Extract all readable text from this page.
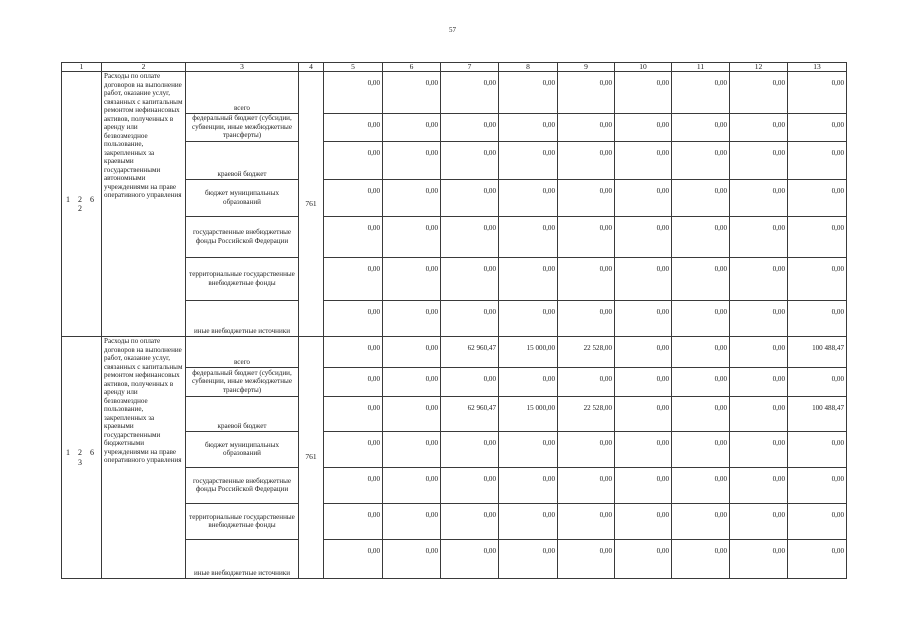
57
1	2	3	4	5	6	7	8	9	10	11	12	13
1 2 6 2	Расходы по оплате договоров на выполнение работ, оказание услуг, связанных с капитальным ремонтом нефинансовых активов, полученных в аренду или безвозмездное пользование, закрепленных за краевыми государственными автономными учреждениями на праве оперативного управления	всего	761	0,00	0,00	0,00	0,00	0,00	0,00	0,00	0,00	0,00
		федеральный бюджет (субсидии, субвенции, иные межбюджетные трансферты)		0,00	0,00	0,00	0,00	0,00	0,00	0,00	0,00	0,00
		краевой бюджет		0,00	0,00	0,00	0,00	0,00	0,00	0,00	0,00	0,00
		бюджет муниципальных образований		0,00	0,00	0,00	0,00	0,00	0,00	0,00	0,00	0,00
		государственные внебюджетные фонды Российской Федерации		0,00	0,00	0,00	0,00	0,00	0,00	0,00	0,00	0,00
		территориальные государственные внебюджетные фонды		0,00	0,00	0,00	0,00	0,00	0,00	0,00	0,00	0,00
		иные внебюджетные источники		0,00	0,00	0,00	0,00	0,00	0,00	0,00	0,00	0,00
1 2 6 3	Расходы по оплате договоров на выполнение работ, оказание услуг, связанных с капитальным ремонтом нефинансовых активов, полученных в аренду или безвозмездное пользование, закрепленных за краевыми государственными бюджетными учреждениями на праве оперативного управления	всего	761	0,00	0,00	62 960,47	15 000,00	22 528,00	0,00	0,00	0,00	100 488,47
		федеральный бюджет (субсидии, субвенции, иные межбюджетные трансферты)		0,00	0,00	0,00	0,00	0,00	0,00	0,00	0,00	0,00
		краевой бюджет		0,00	0,00	62 960,47	15 000,00	22 528,00	0,00	0,00	0,00	100 488,47
		бюджет муниципальных образований		0,00	0,00	0,00	0,00	0,00	0,00	0,00	0,00	0,00
		государственные внебюджетные фонды Российской Федерации		0,00	0,00	0,00	0,00	0,00	0,00	0,00	0,00	0,00
		территориальные государственные внебюджетные фонды		0,00	0,00	0,00	0,00	0,00	0,00	0,00	0,00	0,00
		иные внебюджетные источники		0,00	0,00	0,00	0,00	0,00	0,00	0,00	0,00	0,00
